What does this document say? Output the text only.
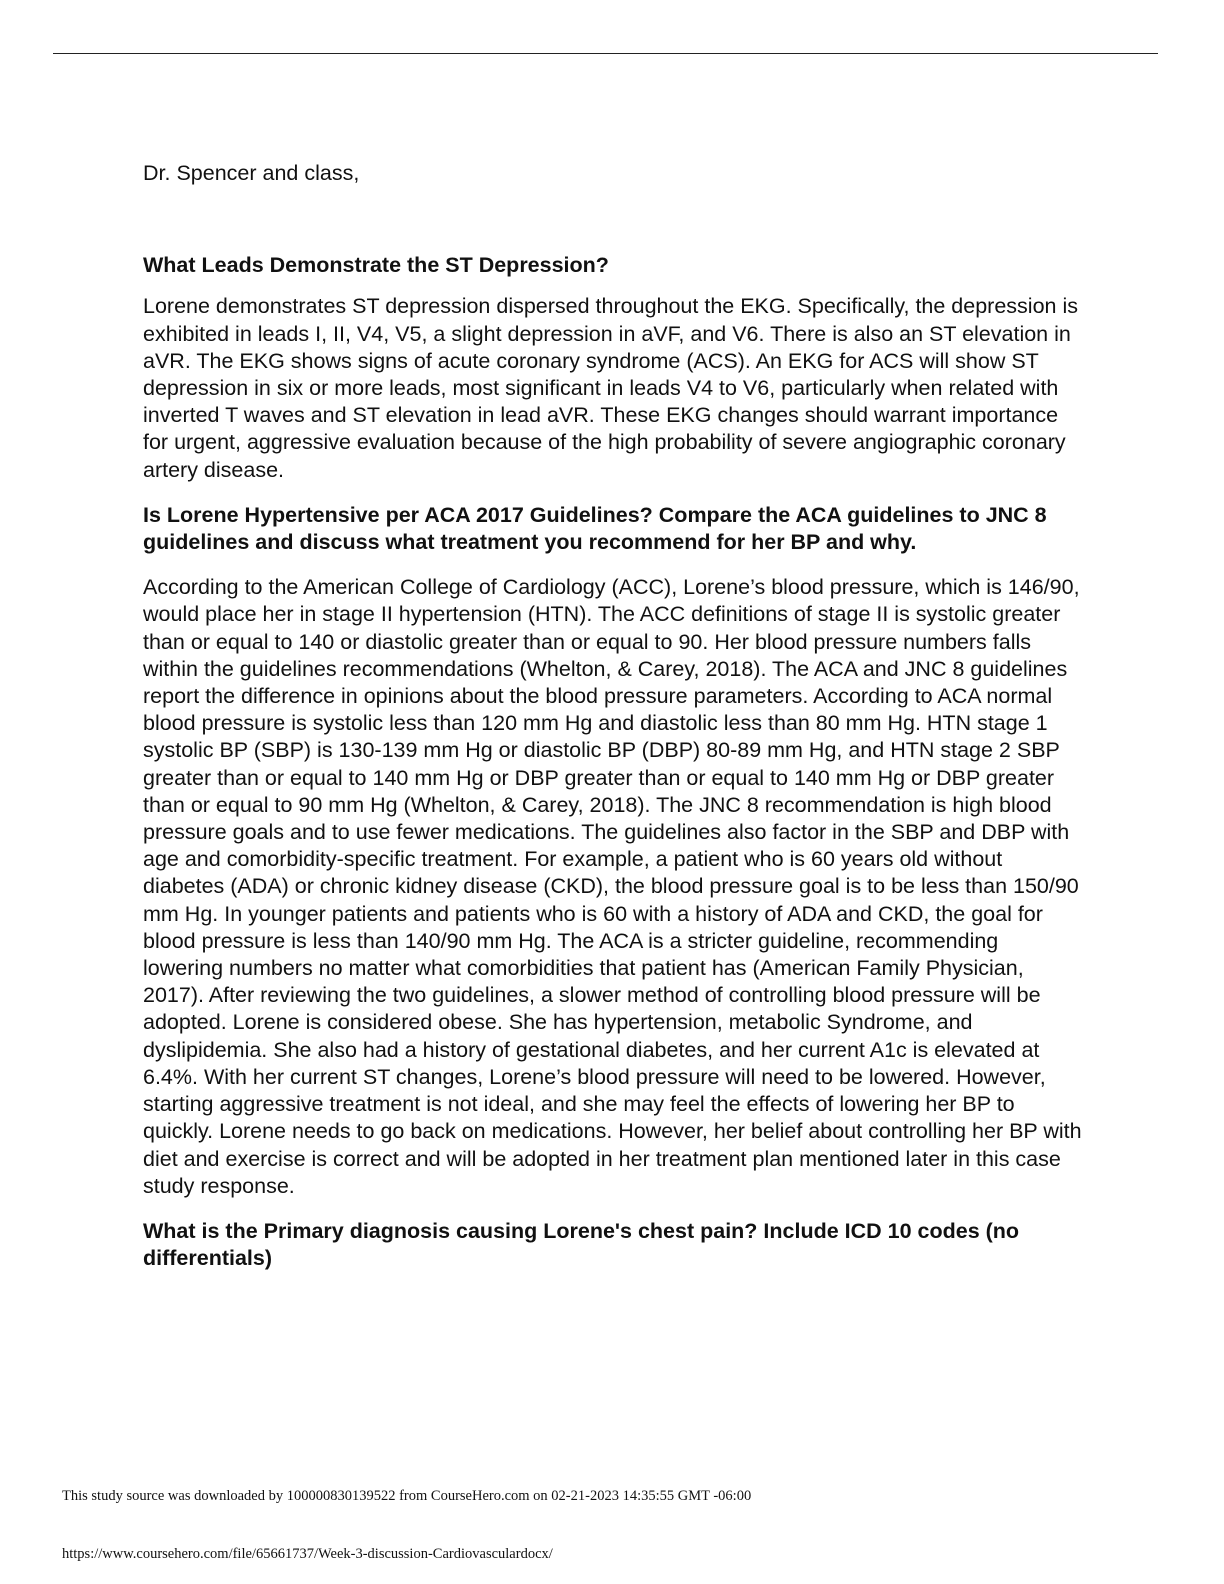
Dr. Spencer and class,

What Leads Demonstrate the ST Depression?

Lorene demonstrates ST depression dispersed throughout the EKG. Specifically, the depression is exhibited in leads I, II, V4, V5, a slight depression in aVF, and V6. There is also an ST elevation in aVR. The EKG shows signs of acute coronary syndrome (ACS). An EKG for ACS will show ST depression in six or more leads, most significant in leads V4 to V6, particularly when related with inverted T waves and ST elevation in lead aVR. These EKG changes should warrant importance for urgent, aggressive evaluation because of the high probability of severe angiographic coronary artery disease.

Is Lorene Hypertensive per ACA 2017 Guidelines? Compare the ACA guidelines to JNC 8 guidelines and discuss what treatment you recommend for her BP and why.

According to the American College of Cardiology (ACC), Lorene’s blood pressure, which is 146/90, would place her in stage II hypertension (HTN). The ACC definitions of stage II is systolic greater than or equal to 140 or diastolic greater than or equal to 90. Her blood pressure numbers falls within the guidelines recommendations (Whelton, & Carey, 2018). The ACA and JNC 8 guidelines report the difference in opinions about the blood pressure parameters. According to ACA normal blood pressure is systolic less than 120 mm Hg and diastolic less than 80 mm Hg. HTN stage 1 systolic BP (SBP) is 130-139 mm Hg or diastolic BP (DBP) 80-89 mm Hg, and HTN stage 2 SBP greater than or equal to 140 mm Hg or DBP greater than or equal to 140 mm Hg or DBP greater than or equal to 90 mm Hg (Whelton, & Carey, 2018). The JNC 8 recommendation is high blood pressure goals and to use fewer medications. The guidelines also factor in the SBP and DBP with age and comorbidity-specific treatment. For example, a patient who is 60 years old without diabetes (ADA) or chronic kidney disease (CKD), the blood pressure goal is to be less than 150/90 mm Hg. In younger patients and patients who is 60 with a history of ADA and CKD, the goal for blood pressure is less than 140/90 mm Hg. The ACA is a stricter guideline, recommending lowering numbers no matter what comorbidities that patient has (American Family Physician, 2017). After reviewing the two guidelines, a slower method of controlling blood pressure will be adopted. Lorene is considered obese. She has hypertension, metabolic Syndrome, and dyslipidemia. She also had a history of gestational diabetes, and her current A1c is elevated at 6.4%. With her current ST changes, Lorene’s blood pressure will need to be lowered. However, starting aggressive treatment is not ideal, and she may feel the effects of lowering her BP to quickly. Lorene needs to go back on medications. However, her belief about controlling her BP with diet and exercise is correct and will be adopted in her treatment plan mentioned later in this case study response.

What is the Primary diagnosis causing Lorene's chest pain? Include ICD 10 codes (no differentials)

This study source was downloaded by 100000830139522 from CourseHero.com on 02-21-2023 14:35:55 GMT -06:00
https://www.coursehero.com/file/65661737/Week-3-discussion-Cardiovasculardocx/
